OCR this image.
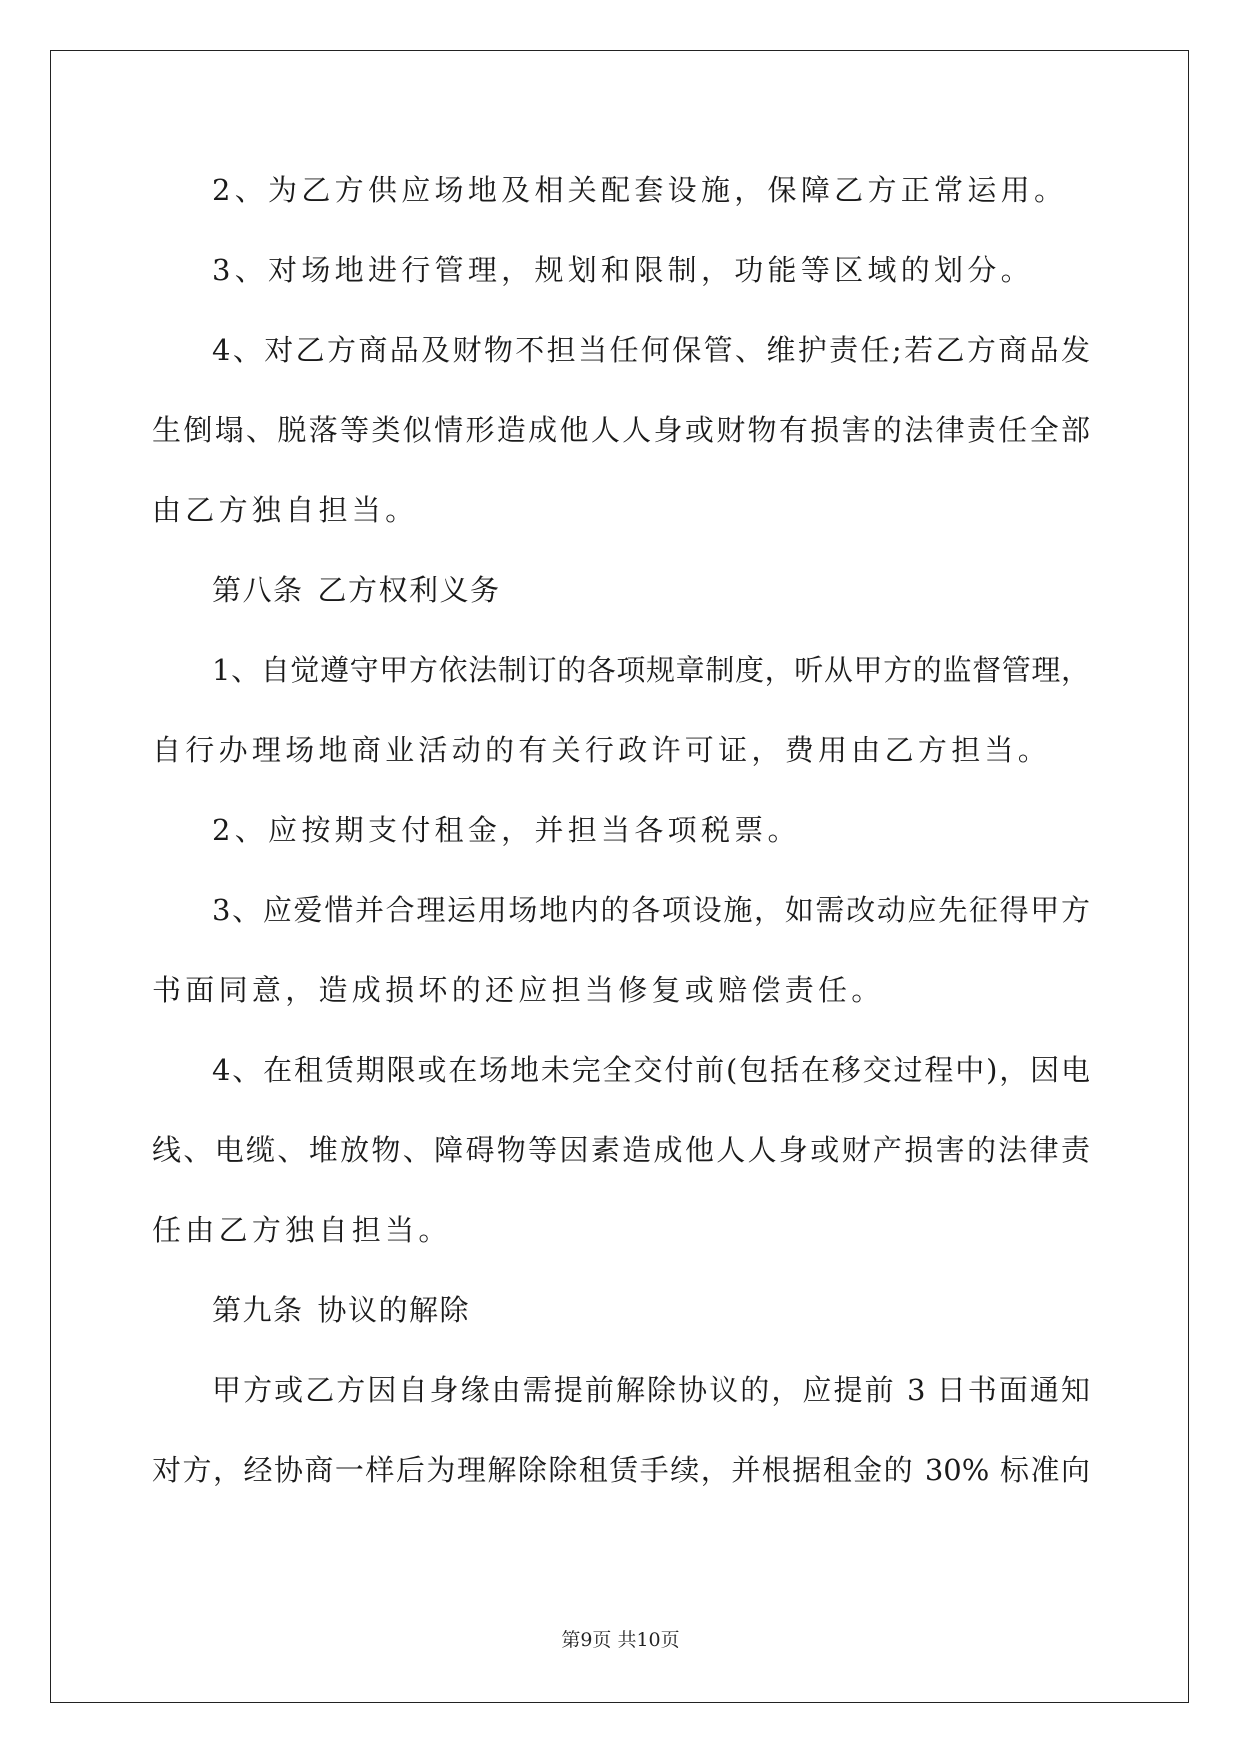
2、为乙方供应场地及相关配套设施，保障乙方正常运用。
3、对场地进行管理，规划和限制，功能等区域的划分。
4、对乙方商品及财物不担当任何保管、维护责任;若乙方商品发
生倒塌、脱落等类似情形造成他人人身或财物有损害的法律责任全部
由乙方独自担当。
第八条 乙方权利义务
1、自觉遵守甲方依法制订的各项规章制度，听从甲方的监督管理，
自行办理场地商业活动的有关行政许可证，费用由乙方担当。
2、应按期支付租金，并担当各项税票。
3、应爱惜并合理运用场地内的各项设施，如需改动应先征得甲方
书面同意，造成损坏的还应担当修复或赔偿责任。
4、在租赁期限或在场地未完全交付前(包括在移交过程中)，因电
线、电缆、堆放物、障碍物等因素造成他人人身或财产损害的法律责
任由乙方独自担当。
第九条 协议的解除
甲方或乙方因自身缘由需提前解除协议的，应提前 3 日书面通知
对方，经协商一样后为理解除除租赁手续，并根据租金的 30% 标准向
第9页 共10页
